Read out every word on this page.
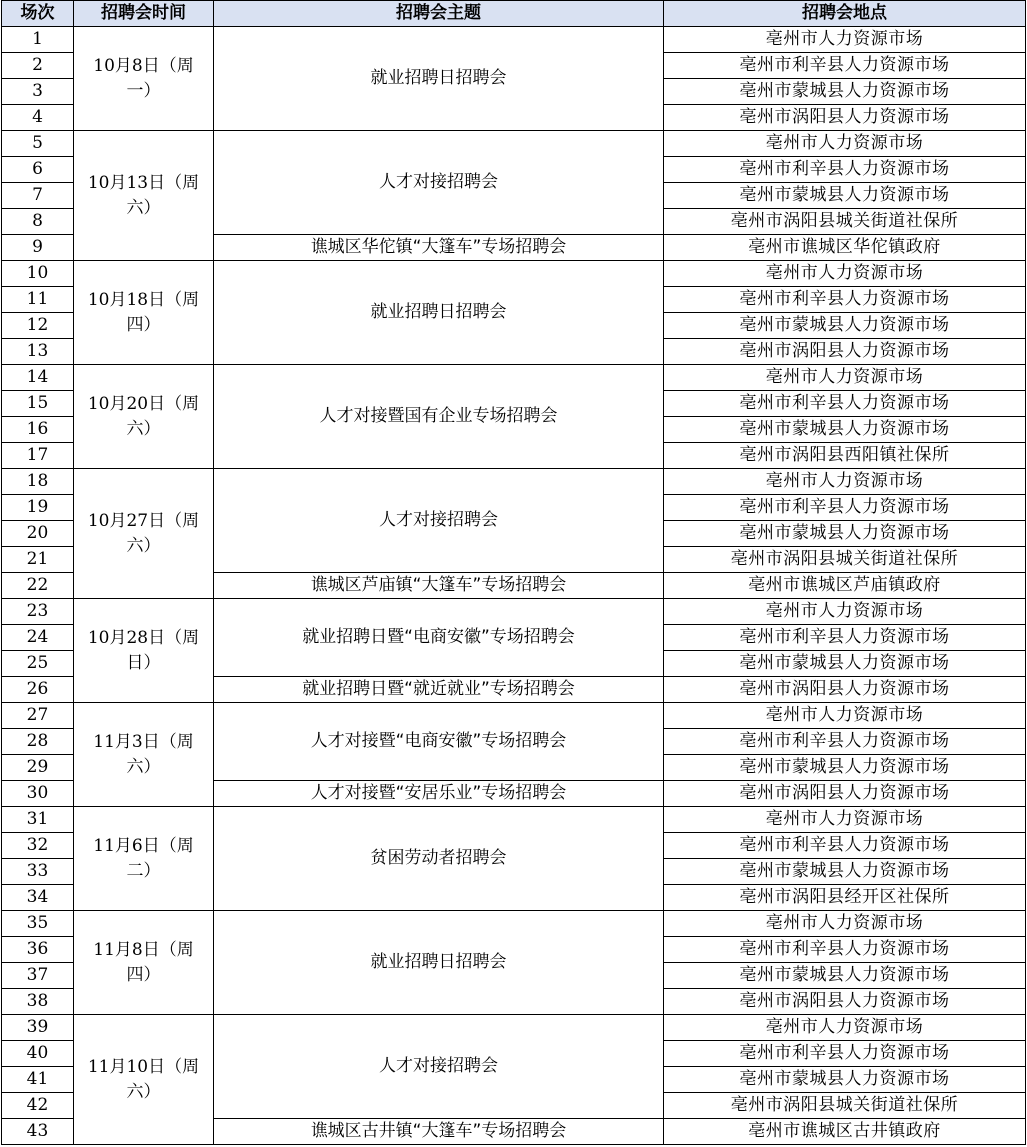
场次	招聘会时间	招聘会主题	招聘会地点
1	10月8日（周一）	就业招聘日招聘会	亳州市人力资源市场
2			亳州市利辛县人力资源市场
3			亳州市蒙城县人力资源市场
4			亳州市涡阳县人力资源市场
5	10月13日（周六）	人才对接招聘会	亳州市人力资源市场
6			亳州市利辛县人力资源市场
7			亳州市蒙城县人力资源市场
8			亳州市涡阳县城关街道社保所
9		谯城区华佗镇“大篷车”专场招聘会	亳州市谯城区华佗镇政府
10	10月18日（周四）	就业招聘日招聘会	亳州市人力资源市场
11			亳州市利辛县人力资源市场
12			亳州市蒙城县人力资源市场
13			亳州市涡阳县人力资源市场
14	10月20日（周六）	人才对接暨国有企业专场招聘会	亳州市人力资源市场
15			亳州市利辛县人力资源市场
16			亳州市蒙城县人力资源市场
17			亳州市涡阳县西阳镇社保所
18	10月27日（周六）	人才对接招聘会	亳州市人力资源市场
19			亳州市利辛县人力资源市场
20			亳州市蒙城县人力资源市场
21			亳州市涡阳县城关街道社保所
22		谯城区芦庙镇“大篷车”专场招聘会	亳州市谯城区芦庙镇政府
23	10月28日（周日）	就业招聘日暨“电商安徽”专场招聘会	亳州市人力资源市场
24			亳州市利辛县人力资源市场
25			亳州市蒙城县人力资源市场
26		就业招聘日暨“就近就业”专场招聘会	亳州市涡阳县人力资源市场
27	11月3日（周六）	人才对接暨“电商安徽”专场招聘会	亳州市人力资源市场
28			亳州市利辛县人力资源市场
29			亳州市蒙城县人力资源市场
30		人才对接暨“安居乐业”专场招聘会	亳州市涡阳县人力资源市场
31	11月6日（周二）	贫困劳动者招聘会	亳州市人力资源市场
32			亳州市利辛县人力资源市场
33			亳州市蒙城县人力资源市场
34			亳州市涡阳县经开区社保所
35	11月8日（周四）	就业招聘日招聘会	亳州市人力资源市场
36			亳州市利辛县人力资源市场
37			亳州市蒙城县人力资源市场
38			亳州市涡阳县人力资源市场
39	11月10日（周六）	人才对接招聘会	亳州市人力资源市场
40			亳州市利辛县人力资源市场
41			亳州市蒙城县人力资源市场
42			亳州市涡阳县城关街道社保所
43		谯城区古井镇“大篷车”专场招聘会	亳州市谯城区古井镇政府
